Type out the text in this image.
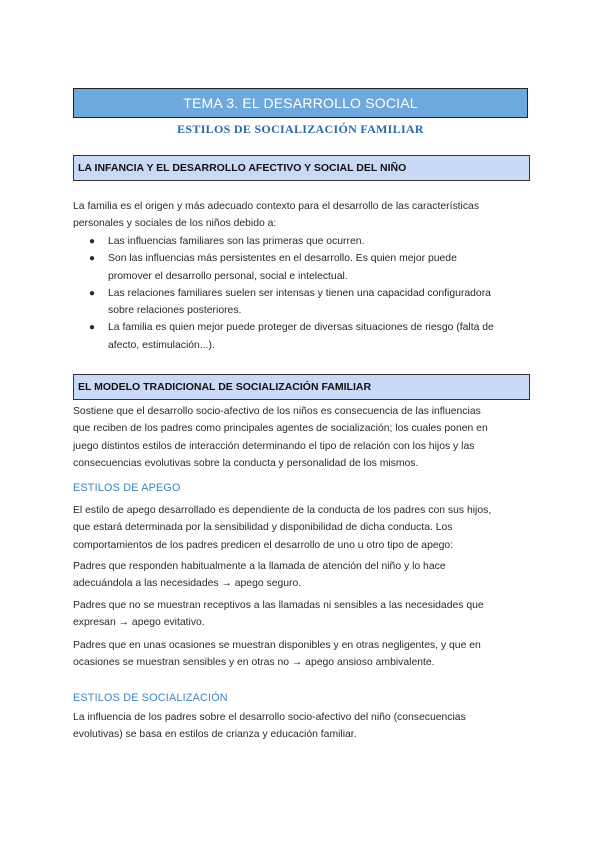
TEMA 3. EL DESARROLLO SOCIAL
ESTILOS DE SOCIALIZACIÓN FAMILIAR
LA INFANCIA Y EL DESARROLLO AFECTIVO Y SOCIAL DEL NIÑO

La familia es el origen y más adecuado contexto para el desarrollo de las características

personales y sociales de los niños debido a:

● Las influencias familiares son las primeras que ocurren.
● Son las influencias más persistentes en el desarrollo. Es quien mejor puede
promover el desarrollo personal, social e intelectual.
● Las relaciones familiares suelen ser intensas y tienen una capacidad configuradora
sobre relaciones posteriores.
● La familia es quien mejor puede proteger de diversas situaciones de riesgo (falta de
afecto, estimulación...).
EL MODELO TRADICIONAL DE SOCIALIZACIÓN FAMILIAR

Sostiene que el desarrollo socio-afectivo de los niños es consecuencia de las influencias

que reciben de los padres como principales agentes de socialización; los cuales ponen en

juego distintos estilos de interacción determinando el tipo de relación con los hijos y las

consecuencias evolutivas sobre la conducta y personalidad de los mismos.

ESTILOS DE APEGO

El estilo de apego desarrollado es dependiente de la conducta de los padres con sus hijos,

que estará determinada por la sensibilidad y disponibilidad de dicha conducta. Los

comportamientos de los padres predicen el desarrollo de uno u otro tipo de apego:

Padres que responden habitualmente a la llamada de atención del niño y lo hace

adecuándola a las necesidades → apego seguro.

Padres que no se muestran receptivos a las llamadas ni sensibles a las necesidades que

expresan → apego evitativo.

Padres que en unas ocasiones se muestran disponibles y en otras negligentes, y que en

ocasiones se muestran sensibles y en otras no → apego ansioso ambivalente.

ESTILOS DE SOCIALIZACIÓN

La influencia de los padres sobre el desarrollo socio-afectivo del niño (consecuencias

evolutivas) se basa en estilos de crianza y educación familiar.
